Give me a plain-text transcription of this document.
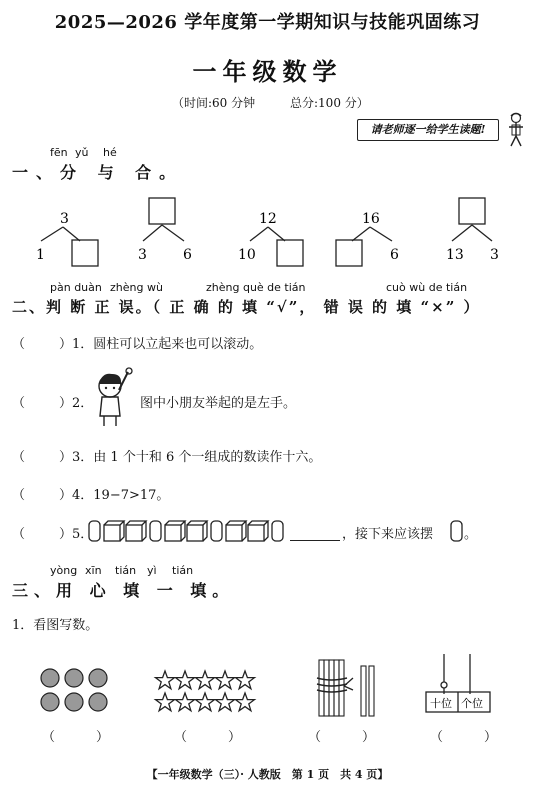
2025—2026 学年度第一学期知识与技能巩固练习
一年级数学
（时间:60 分钟	总分:100 分）
请老师逐一给学生读题!
fēn yǔ hé
一、分 与 合。
3
1	3	6
12
10
16
6	13 3
pàn duàn zhèng wù	zhèng què de tián	cuò wù de tián
二、判 断 正 误。（ 正 确 的 填 “√”， 错 误 的 填 “×” ）
（	）1．圆柱可以立起来也可以滚动。
（	）2．	图中小朋友举起的是左手。
（	）3．由 1 个十和 6 个一组成的数读作十六。
（	）4．19−7>17。
（	）5．	，接下来应该摆 。
yòng xīn tián yì tián
三、用 心 填 一 填。
1．看图写数。
十位 个位
（	）	（	）	（	）	（	）
【一年级数学（三）· 人教版　第 1 页　共 4 页】
